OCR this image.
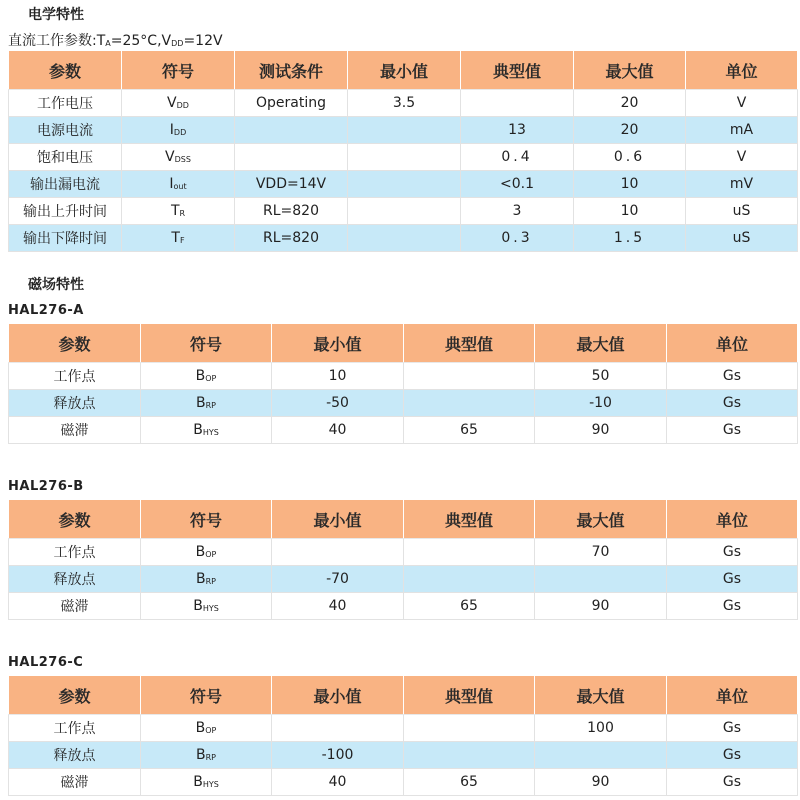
电学特性
直流工作参数$:T_A=25^\circ C,V_{DD}=12V$
参数	符号	测试条件	最小值	典型值	最大值	单位
工作电压	$V_{DD}$	Operating	3.5		20	V
电源电流	$I_{DD}$			13	20	mA
饱和电压	$V_{DSS}$			0.4	0.6	V
输出漏电流	$I_{out}$	VDD=14V		<0.1	10	mV
输出上升时间	$T_R$	RL=820		3	10	uS
输出下降时间	$T_F$	RL=820		0.3	1.5	uS
磁场特性
HAL276-A
参数	符号	最小值	典型值	最大值	单位
工作点	$B_{OP}$	10		50	Gs
释放点	$B_{RP}$	-50		-10	Gs
磁滞	$B_{HYS}$	40	65	90	Gs
HAL276-B
参数	符号	最小值	典型值	最大值	单位
工作点	$B_{OP}$			70	Gs
释放点	$B_{RP}$	-70			Gs
磁滞	$B_{HYS}$	40	65	90	Gs
HAL276-C
参数	符号	最小值	典型值	最大值	单位
工作点	$B_{OP}$			100	Gs
释放点	$B_{RP}$	-100			Gs
磁滞	$B_{HYS}$	40	65	90	Gs
